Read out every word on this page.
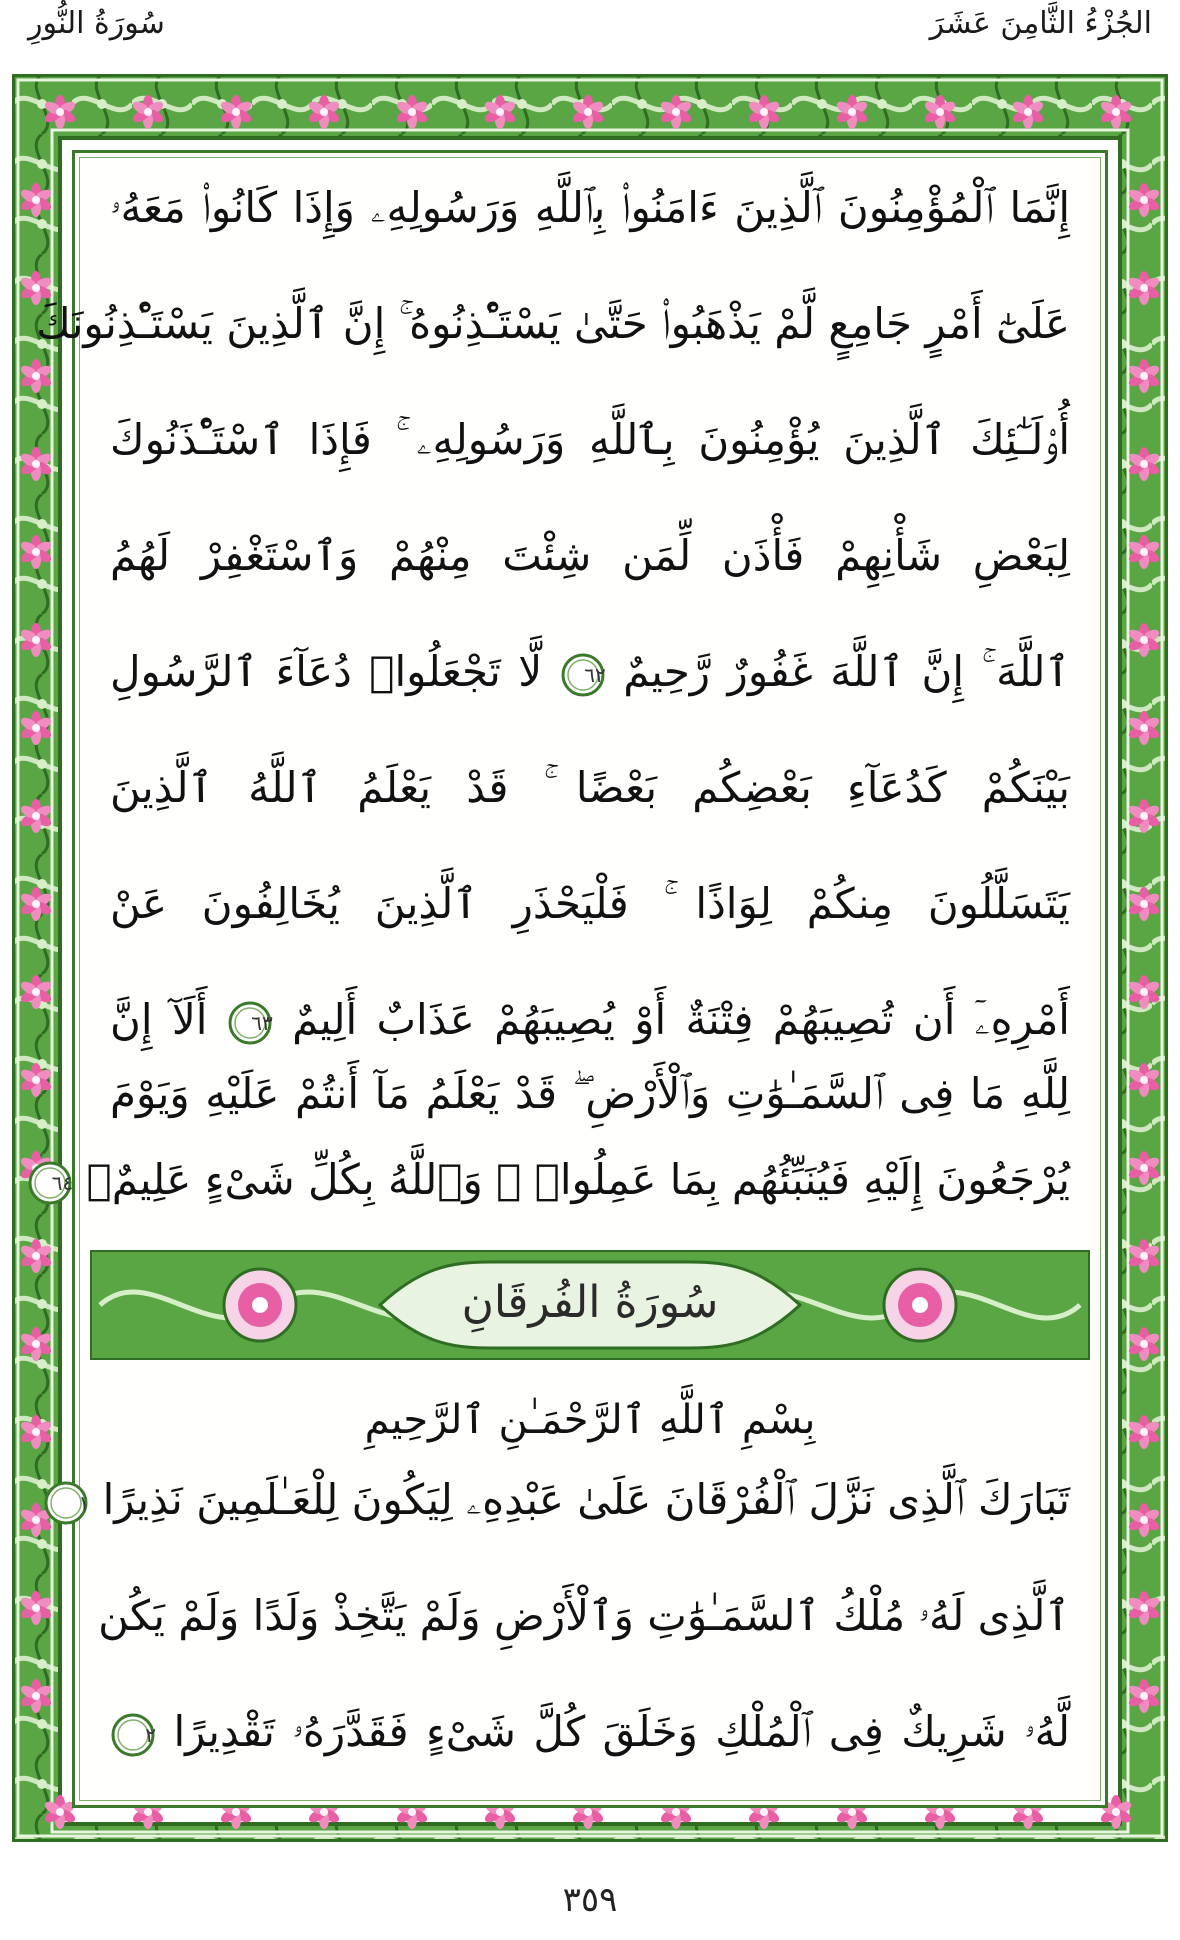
الجُزْءُ الثَّامِنَ عَشَرَ
سُورَةُ النُّورِ
إِنَّمَا ٱلْمُؤْمِنُونَ ٱلَّذِينَ ءَامَنُوا۟ بِٱللَّهِ وَرَسُولِهِۦ وَإِذَا كَانُوا۟ مَعَهُۥ
عَلَىٰٓ أَمْرٍ جَامِعٍ لَّمْ يَذْهَبُوا۟ حَتَّىٰ يَسْتَـْٔذِنُوهُ ۚ إِنَّ ٱلَّذِينَ يَسْتَـْٔذِنُونَكَ
أُو۟لَـٰٓئِكَ ٱلَّذِينَ يُؤْمِنُونَ بِٱللَّهِ وَرَسُولِهِۦ ۚ فَإِذَا ٱسْتَـْٔذَنُوكَ
لِبَعْضِ شَأْنِهِمْ فَأْذَن لِّمَن شِئْتَ مِنْهُمْ وَٱسْتَغْفِرْ لَهُمُ
ٱللَّهَ ۚ إِنَّ ٱللَّهَ غَفُورٌ رَّحِيمٌ
٦٢
لَّا تَجْعَلُوا۟ دُعَآءَ ٱلرَّسُولِ
بَيْنَكُمْ كَدُعَآءِ بَعْضِكُم بَعْضًا ۚ قَدْ يَعْلَمُ ٱللَّهُ ٱلَّذِينَ
يَتَسَلَّلُونَ مِنكُمْ لِوَاذًا ۚ فَلْيَحْذَرِ ٱلَّذِينَ يُخَالِفُونَ عَنْ
أَمْرِهِۦٓ أَن تُصِيبَهُمْ فِتْنَةٌ أَوْ يُصِيبَهُمْ عَذَابٌ أَلِيمٌ
٦٣
أَلَآ إِنَّ
لِلَّهِ مَا فِى ٱلسَّمَـٰوَٰتِ وَٱلْأَرْضِ ۖ قَدْ يَعْلَمُ مَآ أَنتُمْ عَلَيْهِ وَيَوْمَ
يُرْجَعُونَ إِلَيْهِ فَيُنَبِّئُهُم بِمَا عَمِلُوا۟ ۗ وَٱللَّهُ بِكُلِّ شَىْءٍ عَلِيمٌۢ
٦٤
سُورَةُ الفُرقَانِ
بِسْمِ ٱللَّهِ ٱلرَّحْمَـٰنِ ٱلرَّحِيمِ
تَبَارَكَ ٱلَّذِى نَزَّلَ ٱلْفُرْقَانَ عَلَىٰ عَبْدِهِۦ لِيَكُونَ لِلْعَـٰلَمِينَ نَذِيرًا
١
ٱلَّذِى لَهُۥ مُلْكُ ٱلسَّمَـٰوَٰتِ وَٱلْأَرْضِ وَلَمْ يَتَّخِذْ وَلَدًا وَلَمْ يَكُن
لَّهُۥ شَرِيكٌ فِى ٱلْمُلْكِ وَخَلَقَ كُلَّ شَىْءٍ فَقَدَّرَهُۥ تَقْدِيرًا
٢
٣٥٩
